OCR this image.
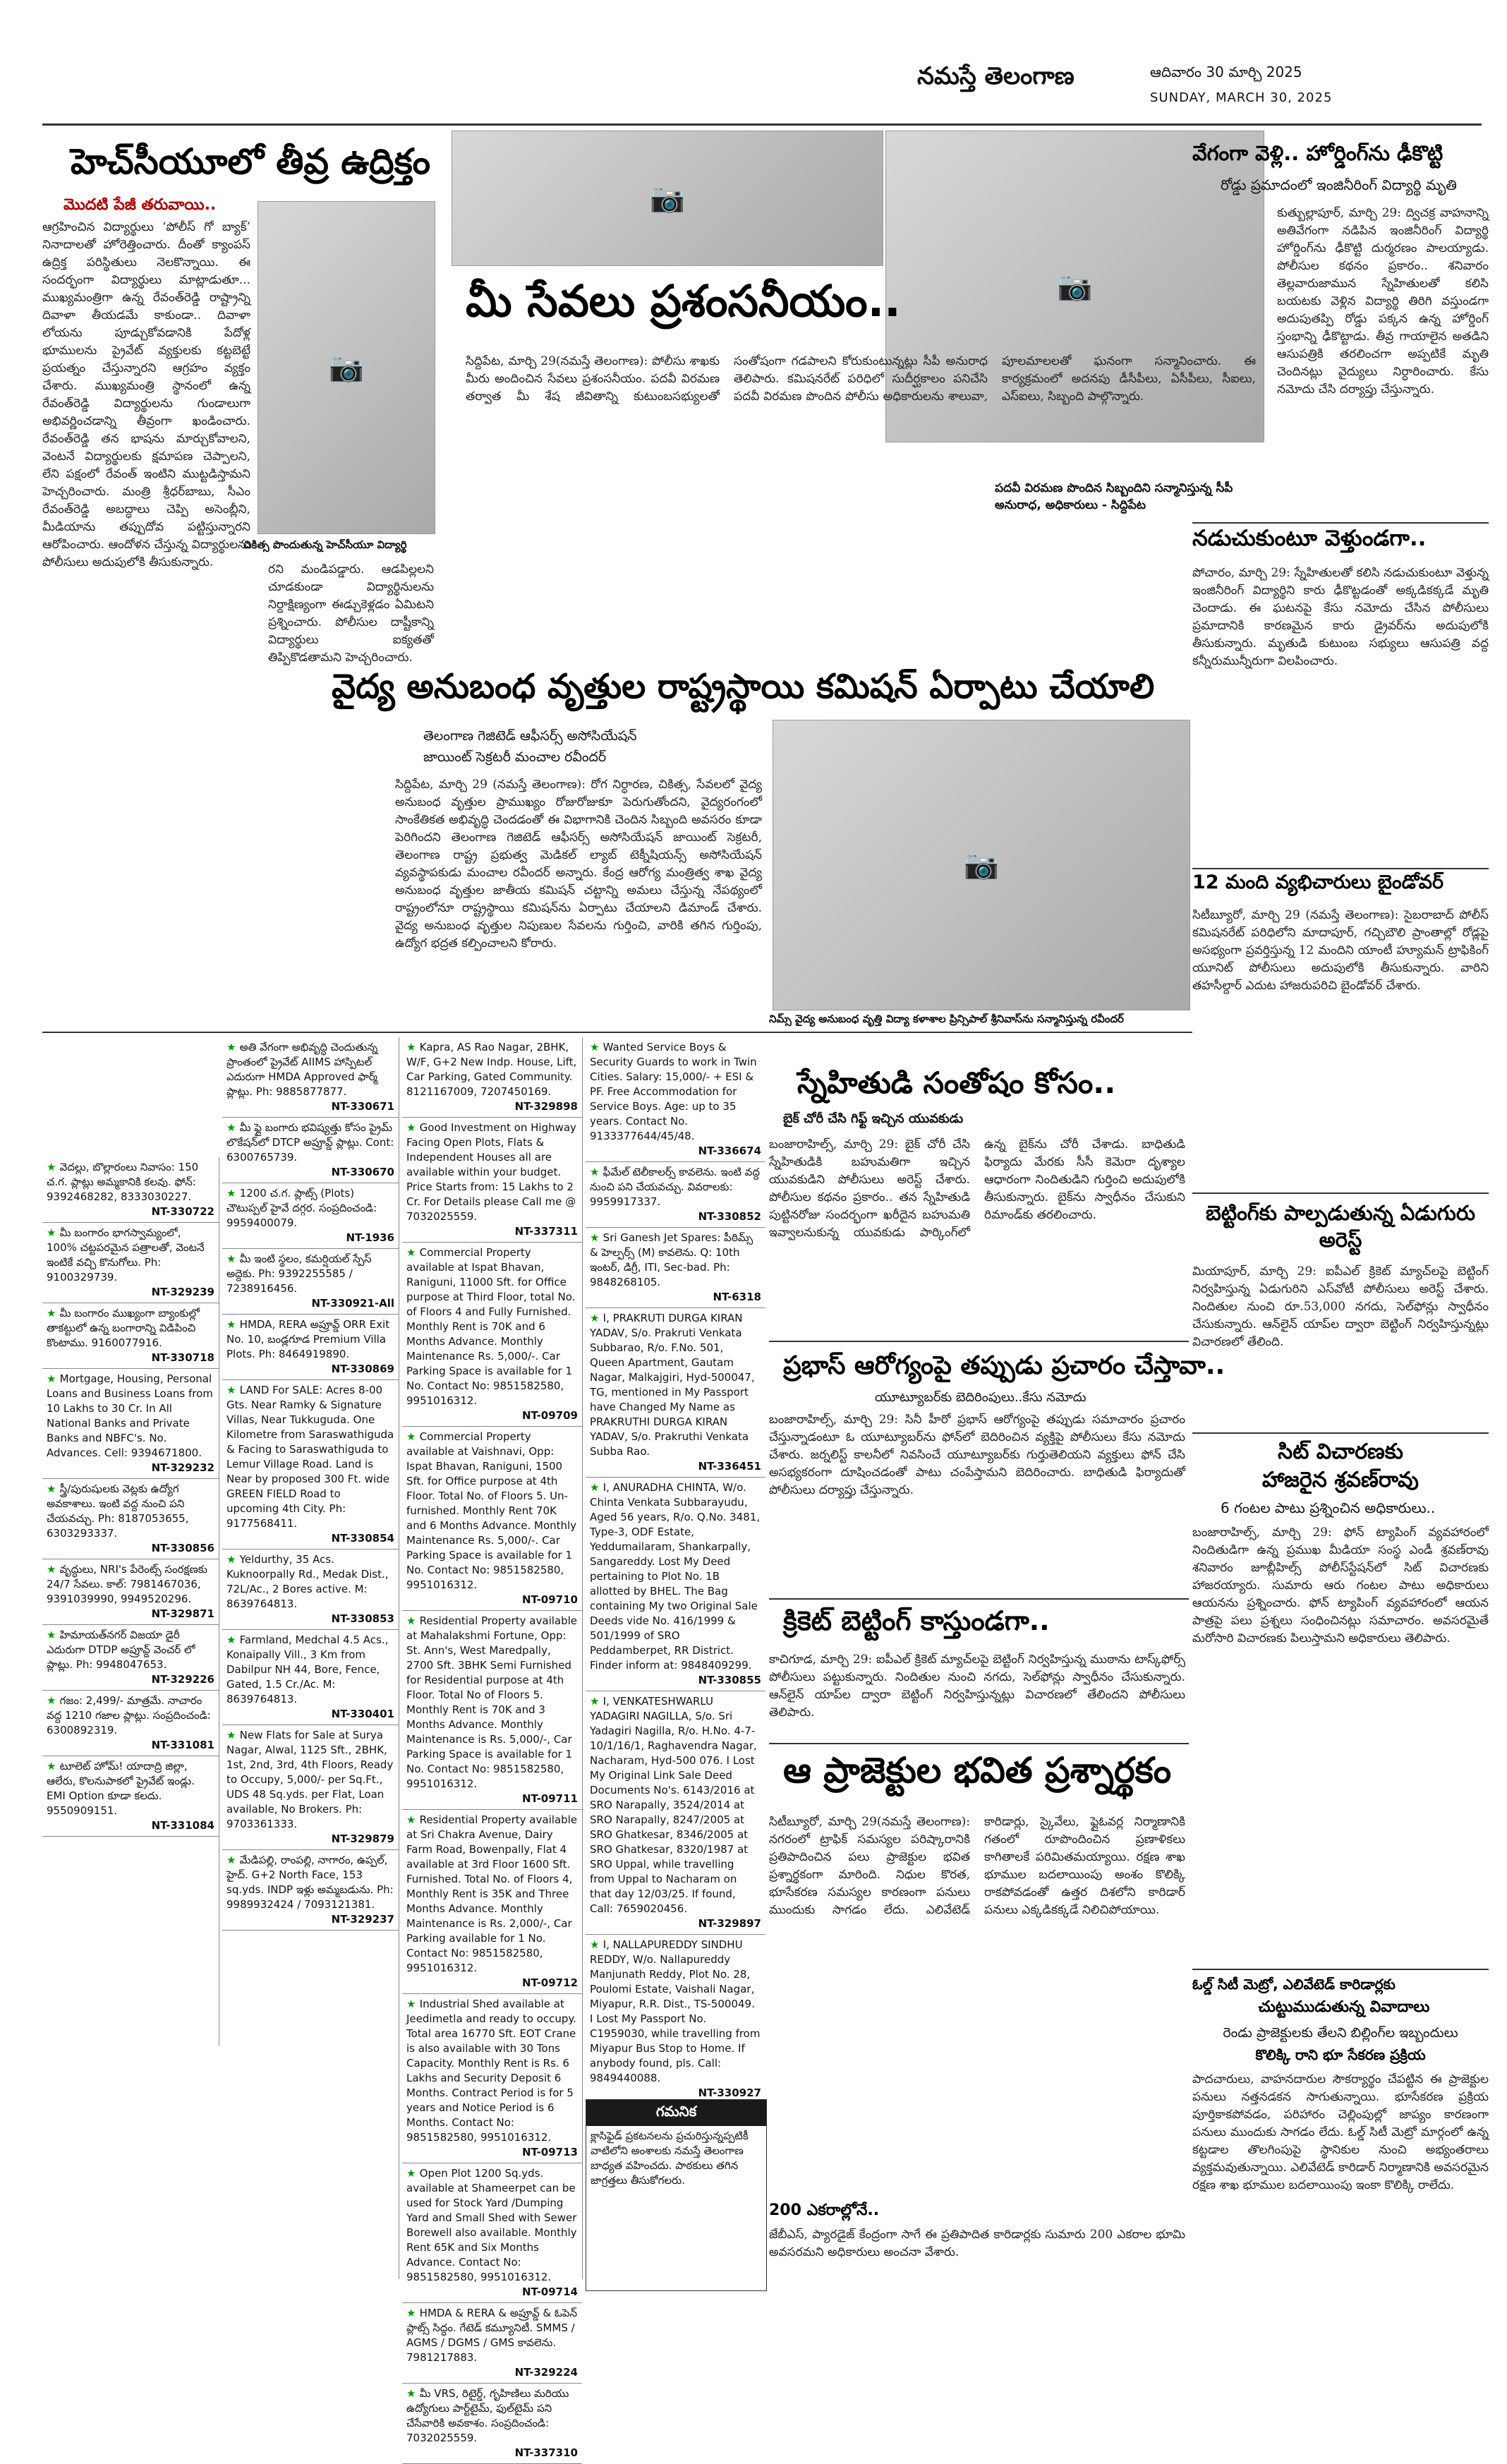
నమస్తే తెలంగాణ	ఆదివారం 30 మార్చి 2025
SUNDAY, MARCH 30, 2025
హెచ్‌సీయూలో తీవ్ర ఉద్రిక్తం
మొదటి పేజీ తరువాయి..
ఆగ్రహించిన విద్యార్థులు ‘పోలీస్ గో బ్యాక్’ నినాదాలతో హోరెత్తించారు. దీంతో క్యాంపస్ ఉద్రిక్త పరిస్థితులు నెలకొన్నాయి. ఈ సందర్భంగా విద్యార్థులు మాట్లాడుతూ... ముఖ్యమంత్రిగా ఉన్న రేవంత్‌రెడ్డి రాష్ట్రాన్ని దివాళా తీయడమే కాకుండా.. దివాళా లోయను పూడ్చుకోవడానికి పేదోళ్ల భూములను ప్రైవేట్ వ్యక్తులకు కట్టబెట్టే ప్రయత్నం చేస్తున్నారని ఆగ్రహం వ్యక్తం చేశారు. ముఖ్యమంత్రి స్థానంలో ఉన్న రేవంత్‌రెడ్డి విద్యార్థులను గుండాలుగా అభివర్ణించడాన్ని తీవ్రంగా ఖండించారు. రేవంత్‌రెడ్డి తన భాషను మార్చుకోవాలని, వెంటనే విద్యార్థులకు క్షమాపణ చెప్పాలని, లేని పక్షంలో రేవంత్ ఇంటిని ముట్టడిస్తామని హెచ్చరించారు. మంత్రి శ్రీధర్‌బాబు, సీఎం రేవంత్‌రెడ్డి అబద్ధాలు చెప్పి అసెంబ్లీని, మీడియాను తప్పుదోవ పట్టిస్తున్నారని ఆరోపించారు. ఆందోళన చేస్తున్న విద్యార్థులను పోలీసులు అదుపులోకి తీసుకున్నారు.
📷
చికిత్స పొందుతున్న హెచ్‌సీయూ విద్యార్థి
రని మండిపడ్డారు. ఆడపిల్లలని చూడకుండా విద్యార్థినులను నిర్దాక్షిణ్యంగా ఈడ్చుకెళ్లడం ఏమిటని ప్రశ్నించారు. పోలీసుల దాష్టీకాన్ని విద్యార్థులు ఐక్యతతో తిప్పికొడతామని హెచ్చరించారు.
📷
📷
మీ సేవలు ప్రశంసనీయం..
సిద్దిపేట, మార్చి 29(నమస్తే తెలంగాణ): పోలీసు శాఖకు మీరు అందించిన సేవలు ప్రశంసనీయం. పదవీ విరమణ తర్వాత మీ శేష జీవితాన్ని కుటుంబసభ్యులతో సంతోషంగా గడపాలని కోరుకుంటున్నట్లు సీపీ అనురాధ తెలిపారు. కమిషనరేట్ పరిధిలో సుదీర్ఘకాలం పనిచేసి పదవీ విరమణ పొందిన పోలీసు అధికారులను శాలువా, పూలమాలలతో ఘనంగా సన్మానించారు. ఈ కార్యక్రమంలో అదనపు డీసీపీలు, ఏసీపీలు, సీఐలు, ఎస్‌ఐలు, సిబ్బంది పాల్గొన్నారు.
పదవీ విరమణ పొందిన సిబ్బందిని సన్మానిస్తున్న సీపీ అనురాధ, అధికారులు - సిద్దిపేట
వేగంగా వెళ్లి.. హోర్డింగ్‌ను ఢీకొట్టి
రోడ్డు ప్రమాదంలో ఇంజినీరింగ్ విద్యార్థి మృతి
కుత్బుల్లాపూర్, మార్చి 29: ద్విచక్ర వాహనాన్ని అతివేగంగా నడిపిన ఇంజినీరింగ్ విద్యార్థి హోర్డింగ్‌ను ఢీకొట్టి దుర్మరణం పాలయ్యాడు. పోలీసుల కథనం ప్రకారం.. శనివారం తెల్లవారుజామున స్నేహితులతో కలిసి బయటకు వెళ్లిన విద్యార్థి తిరిగి వస్తుండగా అదుపుతప్పి రోడ్డు పక్కన ఉన్న హోర్డింగ్ స్తంభాన్ని ఢీకొట్టాడు. తీవ్ర గాయాలైన అతడిని ఆసుపత్రికి తరలించగా అప్పటికే మృతి చెందినట్లు వైద్యులు నిర్ధారించారు. కేసు నమోదు చేసి దర్యాప్తు చేస్తున్నారు.
నడుచుకుంటూ వెళ్తుండగా..
పోచారం, మార్చి 29: స్నేహితులతో కలిసి నడుచుకుంటూ వెళ్తున్న ఇంజినీరింగ్ విద్యార్థిని కారు ఢీకొట్టడంతో అక్కడికక్కడే మృతి చెందాడు. ఈ ఘటనపై కేసు నమోదు చేసిన పోలీసులు ప్రమాదానికి కారణమైన కారు డ్రైవర్‌ను అదుపులోకి తీసుకున్నారు. మృతుడి కుటుంబ సభ్యులు ఆసుపత్రి వద్ద కన్నీరుమున్నీరుగా విలపించారు.
12 మంది వ్యభిచారులు బైండోవర్
సిటీబ్యూరో, మార్చి 29 (నమస్తే తెలంగాణ): సైబరాబాద్ పోలీస్ కమిషనరేట్ పరిధిలోని మాదాపూర్, గచ్చిబౌలి ప్రాంతాల్లో రోడ్లపై అసభ్యంగా ప్రవర్తిస్తున్న 12 మందిని యాంటీ హ్యూమన్ ట్రాఫికింగ్ యూనిట్ పోలీసులు అదుపులోకి తీసుకున్నారు. వారిని తహసీల్దార్ ఎదుట హాజరుపరిచి బైండోవర్ చేశారు.
బెట్టింగ్‌కు పాల్పడుతున్న ఏడుగురు అరెస్ట్
మియాపూర్, మార్చి 29: ఐపీఎల్ క్రికెట్ మ్యాచ్‌లపై బెట్టింగ్ నిర్వహిస్తున్న ఏడుగురిని ఎస్‌వోటీ పోలీసులు అరెస్ట్ చేశారు. నిందితుల నుంచి రూ.53,000 నగదు, సెల్‌ఫోన్లు స్వాధీనం చేసుకున్నారు. ఆన్‌లైన్ యాప్‌ల ద్వారా బెట్టింగ్ నిర్వహిస్తున్నట్లు విచారణలో తేలింది.
సిట్ విచారణకు
హాజరైన శ్రవణ్‌రావు
6 గంటల పాటు ప్రశ్నించిన అధికారులు..
బంజారాహిల్స్, మార్చి 29: ఫోన్ ట్యాపింగ్ వ్యవహారంలో నిందితుడిగా ఉన్న ప్రముఖ మీడియా సంస్థ ఎండీ శ్రవణ్‌రావు శనివారం జూబ్లీహిల్స్ పోలీస్‌స్టేషన్‌లో సిట్ విచారణకు హాజరయ్యారు. సుమారు ఆరు గంటల పాటు అధికారులు ఆయనను ప్రశ్నించారు. ఫోన్ ట్యాపింగ్ వ్యవహారంలో ఆయన పాత్రపై పలు ప్రశ్నలు సంధించినట్లు సమాచారం. అవసరమైతే మరోసారి విచారణకు పిలుస్తామని అధికారులు తెలిపారు.
ఓల్డ్ సిటీ మెట్రో, ఎలివేటెడ్ కారిడార్లకు
చుట్టుముడుతున్న వివాదాలు
రెండు ప్రాజెక్టులకు తేలని బిల్లింగ్‌ల ఇబ్బందులు
కొలిక్కి రాని భూ సేకరణ ప్రక్రియ
పాదచారులు, వాహనదారుల సౌకర్యార్థం చేపట్టిన ఈ ప్రాజెక్టుల పనులు నత్తనడకన సాగుతున్నాయి. భూసేకరణ ప్రక్రియ పూర్తికాకపోవడం, పరిహారం చెల్లింపుల్లో జాప్యం కారణంగా పనులు ముందుకు సాగడం లేదు. ఓల్డ్ సిటీ మెట్రో మార్గంలో ఉన్న కట్టడాల తొలగింపుపై స్థానికుల నుంచి అభ్యంతరాలు వ్యక్తమవుతున్నాయి. ఎలివేటెడ్ కారిడార్ నిర్మాణానికి అవసరమైన రక్షణ శాఖ భూముల బదలాయింపు ఇంకా కొలిక్కి రాలేదు.
వైద్య అనుబంధ వృత్తుల రాష్ట్రస్థాయి కమిషన్ ఏర్పాటు చేయాలి
తెలంగాణ గెజిటెడ్ ఆఫీసర్స్ అసోసియేషన్
జాయింట్ సెక్రటరీ మంచాల రవీందర్
📷
సిద్దిపేట, మార్చి 29 (నమస్తే తెలంగాణ): రోగ నిర్ధారణ, చికిత్స, సేవలలో వైద్య అనుబంధ వృత్తుల ప్రాముఖ్యం రోజురోజుకూ పెరుగుతోందని, వైద్యరంగంలో సాంకేతికత అభివృద్ధి చెందడంతో ఈ విభాగానికి చెందిన సిబ్బంది అవసరం కూడా పెరిగిందని తెలంగాణ గెజిటెడ్ ఆఫీసర్స్ అసోసియేషన్ జాయింట్ సెక్రటరీ, తెలంగాణ రాష్ట్ర ప్రభుత్వ మెడికల్ ల్యాబ్ టెక్నీషియన్స్ అసోసియేషన్ వ్యవస్థాపకుడు మంచాల రవీందర్ అన్నారు. కేంద్ర ఆరోగ్య మంత్రిత్వ శాఖ వైద్య అనుబంధ వృత్తుల జాతీయ కమిషన్ చట్టాన్ని అమలు చేస్తున్న నేపథ్యంలో రాష్ట్రంలోనూ రాష్ట్రస్థాయి కమిషన్‌ను ఏర్పాటు చేయాలని డిమాండ్ చేశారు. వైద్య అనుబంధ వృత్తుల నిపుణుల సేవలను గుర్తించి, వారికి తగిన గుర్తింపు, ఉద్యోగ భద్రత కల్పించాలని కోరారు.
నిమ్స్ వైద్య అనుబంధ వృత్తి విద్యా కళాశాల ప్రిన్సిపాల్ శ్రీనివాస్‌ను సన్మానిస్తున్న రవీందర్
స్నేహితుడి సంతోషం కోసం..
బైక్ చోరీ చేసి గిఫ్ట్ ఇచ్చిన యువకుడు
బంజారాహిల్స్, మార్చి 29: బైక్ చోరీ చేసి స్నేహితుడికి బహుమతిగా ఇచ్చిన యువకుడిని పోలీసులు అరెస్ట్ చేశారు. పోలీసుల కథనం ప్రకారం.. తన స్నేహితుడి పుట్టినరోజు సందర్భంగా ఖరీదైన బహుమతి ఇవ్వాలనుకున్న యువకుడు పార్కింగ్‌లో ఉన్న బైక్‌ను చోరీ చేశాడు. బాధితుడి ఫిర్యాదు మేరకు సీసీ కెమెరా దృశ్యాల ఆధారంగా నిందితుడిని గుర్తించి అదుపులోకి తీసుకున్నారు. బైక్‌ను స్వాధీనం చేసుకుని రిమాండ్‌కు తరలించారు.
ప్రభాస్ ఆరోగ్యంపై తప్పుడు ప్రచారం చేస్తావా..
యూట్యూబర్‌కు బెదిరింపులు..కేసు నమోదు
బంజారాహిల్స్, మార్చి 29: సినీ హీరో ప్రభాస్ ఆరోగ్యంపై తప్పుడు సమాచారం ప్రచారం చేస్తున్నాడంటూ ఓ యూట్యూబర్‌ను ఫోన్‌లో బెదిరించిన వ్యక్తిపై పోలీసులు కేసు నమోదు చేశారు. జర్నలిస్ట్ కాలనీలో నివసించే యూట్యూబర్‌కు గుర్తుతెలియని వ్యక్తులు ఫోన్ చేసి అసభ్యకరంగా దూషించడంతో పాటు చంపేస్తామని బెదిరించారు. బాధితుడి ఫిర్యాదుతో పోలీసులు దర్యాప్తు చేస్తున్నారు.
క్రికెట్ బెట్టింగ్ కాస్తుండగా..
కాచిగూడ, మార్చి 29: ఐపీఎల్ క్రికెట్ మ్యాచ్‌లపై బెట్టింగ్ నిర్వహిస్తున్న ముఠాను టాస్క్‌ఫోర్స్ పోలీసులు పట్టుకున్నారు. నిందితుల నుంచి నగదు, సెల్‌ఫోన్లు స్వాధీనం చేసుకున్నారు. ఆన్‌లైన్ యాప్‌ల ద్వారా బెట్టింగ్ నిర్వహిస్తున్నట్లు విచారణలో తేలిందని పోలీసులు తెలిపారు.
ఆ ప్రాజెక్టుల భవిత ప్రశ్నార్థకం
సిటీబ్యూరో, మార్చి 29(నమస్తే తెలంగాణ): నగరంలో ట్రాఫిక్ సమస్యల పరిష్కారానికి ప్రతిపాదించిన పలు ప్రాజెక్టుల భవిత ప్రశ్నార్థకంగా మారింది. నిధుల కొరత, భూసేకరణ సమస్యల కారణంగా పనులు ముందుకు సాగడం లేదు. ఎలివేటెడ్ కారిడార్లు, స్కైవేలు, ఫ్లైఓవర్ల నిర్మాణానికి గతంలో రూపొందించిన ప్రణాళికలు కాగితాలకే పరిమితమయ్యాయి. రక్షణ శాఖ భూముల బదలాయింపు అంశం కొలిక్కి రాకపోవడంతో ఉత్తర దిశలోని కారిడార్ పనులు ఎక్కడికక్కడే నిలిచిపోయాయి.
200 ఎకరాల్లోనే..
జేబీఎస్, ప్యారడైజ్ కేంద్రంగా సాగే ఈ ప్రతిపాదిత కారిడార్లకు సుమారు 200 ఎకరాల భూమి అవసరమని అధికారులు అంచనా వేశారు.
★ వెదల్లు, బొల్లారంలు నివాసం: 150 చ.గ. ప్లాట్లు అమ్మకానికి కలవు. ఫోన్: 9392468282, 8333030227.
NT-330722
★ మీ బంగారం భాగస్వామ్యంలో, 100% చట్టపరమైన పత్రాలతో, వెంటనే ఇంటికే వచ్చి కొనుగోలు. Ph: 9100329739.
NT-329239
★ మీ బంగారం ముఖ్యంగా బ్యాంకుల్లో తాకట్టులో ఉన్న బంగారాన్ని విడిపించి కొంటాము. 9160077916.
NT-330718
★ Mortgage, Housing, Personal Loans and Business Loans from 10 Lakhs to 30 Cr. In All National Banks and Private Banks and NBFC's. No. Advances. Cell: 9394671800.
NT-329232
★ స్త్రీ/పురుషులకు వెట్లకు ఉద్యోగ అవకాశాలు. ఇంటి వద్ద నుంచి పని చేయవచ్చు. Ph: 8187053655, 6303293337.
NT-330856
★ వృద్ధులు, NRI's పేరెంట్స్ సంరక్షణకు 24/7 సేవలు. కాల్: 7981467036, 9391039990, 9949520296.
NT-329871
★ హిమాయత్‌నగర్ విజయా డైరీ ఎదురుగా DTDP అప్రూవ్డ్ వెంచర్ లో ప్లాట్లు. Ph: 9948047653.
NT-329226
★ గజం: 2,499/- మాత్రమే. నాచారం వద్ద 1210 గజాల ప్లాట్లు. సంప్రదించండి: 6300892319.
NT-331081
★ టూలెట్ హోమ్! యాదాద్రి జిల్లా, ఆలేరు, కొలనుపాకలో ప్రైవేట్ ఇండ్లు. EMI Option కూడా కలదు. 9550909151.
NT-331084
★ అతి వేగంగా అభివృద్ధి చెందుతున్న ప్రాంతంలో ప్రైవేట్ AIIMS హాస్పిటల్ ఎదురుగా HMDA Approved ఫార్మ్ ప్లాట్లు. Ph: 9885877877.
NT-330671
★ మీ ఫ్లై బంగారు భవిష్యత్తు కోసం ప్రైమ్ లొకేషన్‌లో DTCP అప్రూవ్డ్ ప్లాట్లు. Cont: 6300765739.
NT-330670
★ 1200 చ.గ. ప్లాట్స్ (Plots) చౌటుప్పల్ హైవే దగ్గర. సంప్రదించండి: 9959400079.
NT-1936
★ మీ ఇంటి స్థలం, కమర్షియల్ స్పేస్ అద్దెకు. Ph: 9392255585 / 7238916456.
NT-330921-All
★ HMDA, RERA అప్రూవ్డ్ ORR Exit No. 10, బండ్లగూడ Premium Villa Plots. Ph: 8464919890.
NT-330869
★ LAND For SALE: Acres 8-00 Gts. Near Ramky & Signature Villas, Near Tukkuguda. One Kilometre from Saraswathiguda & Facing to Saraswathiguda to Lemur Village Road. Land is Near by proposed 300 Ft. wide GREEN FIELD Road to upcoming 4th City. Ph: 9177568411.
NT-330854
★ Yeldurthy, 35 Acs. Kuknoorpally Rd., Medak Dist., 72L/Ac., 2 Bores active. M: 8639764813.
NT-330853
★ Farmland, Medchal 4.5 Acs., Konaipally Vill., 3 Km from Dabilpur NH 44, Bore, Fence, Gated, 1.5 Cr./Ac. M: 8639764813.
NT-330401
★ New Flats for Sale at Surya Nagar, Alwal, 1125 Sft., 2BHK, 1st, 2nd, 3rd, 4th Floors, Ready to Occupy, 5,000/- per Sq.Ft., UDS 48 Sq.yds. per Flat, Loan available, No Brokers. Ph: 9703361333.
NT-329879
★ మేడిపల్లి, రాంపల్లి, నాగారం, ఉప్పల్, హైద్. G+2 North Face, 153 sq.yds. INDP ఇళ్లు అమ్మబడును. Ph: 9989932424 / 7093121381.
NT-329237
★ Kapra, AS Rao Nagar, 2BHK, W/F, G+2 New Indp. House, Lift, Car Parking, Gated Community. 8121167009, 7207450169.
NT-329898
★ Good Investment on Highway Facing Open Plots, Flats & Independent Houses all are available within your budget. Price Starts from: 15 Lakhs to 2 Cr. For Details please Call me @ 7032025559.
NT-337311
★ Commercial Property available at Ispat Bhavan, Raniguni, 11000 Sft. for Office purpose at Third Floor, total No. of Floors 4 and Fully Furnished. Monthly Rent is 70K and 6 Months Advance. Monthly Maintenance Rs. 5,000/-. Car Parking Space is available for 1 No. Contact No: 9851582580, 9951016312.
NT-09709
★ Commercial Property available at Vaishnavi, Opp: Ispat Bhavan, Raniguni, 1500 Sft. for Office purpose at 4th Floor. Total No. of Floors 5. Un-furnished. Monthly Rent 70K and 6 Months Advance. Monthly Maintenance Rs. 5,000/-. Car Parking Space is available for 1 No. Contact No: 9851582580, 9951016312.
NT-09710
★ Residential Property available at Mahalakshmi Fortune, Opp: St. Ann's, West Maredpally, 2700 Sft. 3BHK Semi Furnished for Residential purpose at 4th Floor. Total No of Floors 5. Monthly Rent is 70K and 3 Months Advance. Monthly Maintenance is Rs. 5,000/-, Car Parking Space is available for 1 No. Contact No: 9851582580, 9951016312.
NT-09711
★ Residential Property available at Sri Chakra Avenue, Dairy Farm Road, Bowenpally, Flat 4 available at 3rd Floor 1600 Sft. Furnished. Total No. of Floors 4, Monthly Rent is 35K and Three Months Advance. Monthly Maintenance is Rs. 2,000/-, Car Parking available for 1 No. Contact No: 9851582580, 9951016312.
NT-09712
★ Industrial Shed available at Jeedimetla and ready to occupy. Total area 16770 Sft. EOT Crane is also available with 30 Tons Capacity. Monthly Rent is Rs. 6 Lakhs and Security Deposit 6 Months. Contract Period is for 5 years and Notice Period is 6 Months. Contact No: 9851582580, 9951016312.
NT-09713
★ Open Plot 1200 Sq.yds. available at Shameerpet can be used for Stock Yard /Dumping Yard and Small Shed with Sewer Borewell also available. Monthly Rent 65K and Six Months Advance. Contact No: 9851582580, 9951016312.
NT-09714
★ HMDA & RERA & అప్రూవ్డ్ & ఓపెన్ ప్లాట్స్ సిద్ధం. గేటెడ్ కమ్యూనిటీ. SMMS / AGMS / DGMS / GMS కావలెను. 7981217883.
NT-329224
★ మీ VRS, రిటైర్డ్, గృహిణిలు మరియు ఉద్యోగులు పార్ట్‌టైమ్, ఫుల్‌టైమ్ పని చేసేవారికి అవకాశం. సంప్రదించండి: 7032025559.
NT-337310
★ Wanted Service Boys & Security Guards to work in Twin Cities. Salary: 15,000/- + ESI & PF. Free Accommodation for Service Boys. Age: up to 35 years. Contact No. 9133377644/45/48.
NT-336674
★ ఫీమేల్ టెలీకాలర్స్ కావలెను. ఇంటి వద్ద నుంచి పని చేయవచ్చు. వివరాలకు: 9959917337.
NT-330852
★ Sri Ganesh Jet Spares: పీఠిమ్స్ & హెల్పర్స్ (M) కావలెను. Q: 10th ఇంటర్, డిగ్రీ, ITI, Sec-bad. Ph: 9848268105.
NT-6318
★ I, PRAKRUTI DURGA KIRAN YADAV, S/o. Prakruti Venkata Subbarao, R/o. F.No. 501, Queen Apartment, Gautam Nagar, Malkajgiri, Hyd-500047, TG, mentioned in My Passport have Changed My Name as PRAKRUTHI DURGA KIRAN YADAV, S/o. Prakruthi Venkata Subba Rao.
NT-336451
★ I, ANURADHA CHINTA, W/o. Chinta Venkata Subbarayudu, Aged 56 years, R/o. Q.No. 3481, Type-3, ODF Estate, Yeddumailaram, Shankarpally, Sangareddy. Lost My Deed pertaining to Plot No. 1B allotted by BHEL. The Bag containing My two Original Sale Deeds vide No. 416/1999 & 501/1999 of SRO Peddamberpet, RR District. Finder inform at: 9848409299.
NT-330855
★ I, VENKATESHWARLU YADAGIRI NAGILLA, S/o. Sri Yadagiri Nagilla, R/o. H.No. 4-7-10/1/16/1, Raghavendra Nagar, Nacharam, Hyd-500 076. I Lost My Original Link Sale Deed Documents No's. 6143/2016 at SRO Narapally, 3524/2014 at SRO Narapally, 8247/2005 at SRO Ghatkesar, 8346/2005 at SRO Ghatkesar, 8320/1987 at SRO Uppal, while travelling from Uppal to Nacharam on that day 12/03/25. If found, Call: 7659020456.
NT-329897
★ I, NALLAPUREDDY SINDHU REDDY, W/o. Nallapureddy Manjunath Reddy, Plot No. 28, Poulomi Estate, Vaishali Nagar, Miyapur, R.R. Dist., TS-500049. I Lost My Passport No. C1959030, while travelling from Miyapur Bus Stop to Home. If anybody found, pls. Call: 9849440088.
NT-330927
గమనిక
క్లాసిఫైడ్ ప్రకటనలను ప్రచురిస్తున్నప్పటికీ వాటిలోని అంశాలకు నమస్తే తెలంగాణ బాధ్యత వహించదు. పాఠకులు తగిన జాగ్రత్తలు తీసుకోగలరు.
